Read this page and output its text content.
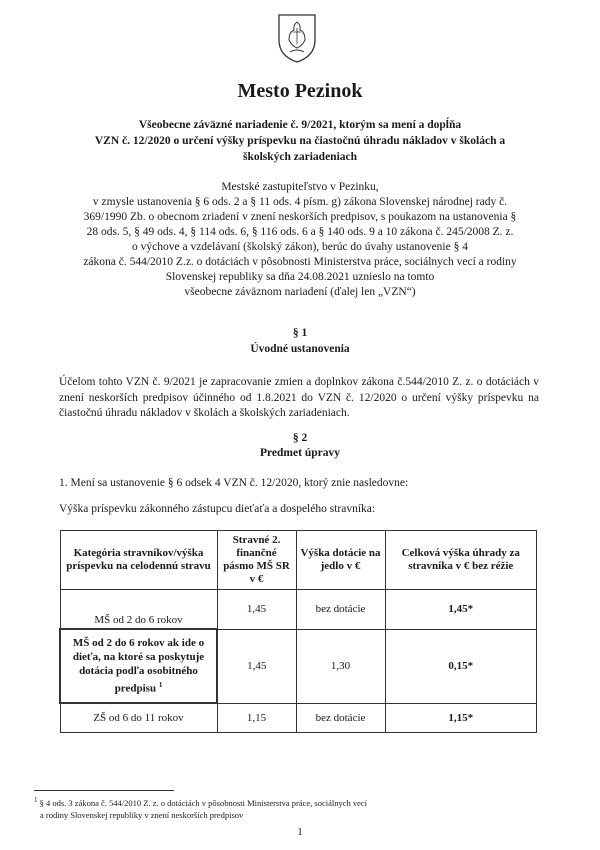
Mesto Pezinok
Všeobecne záväzné nariadenie č. 9/2021, ktorým sa mení a dopĺňa
VZN č. 12/2020 o určení výšky príspevku na čiastočnú úhradu nákladov v školách a
školských zariadeniach
Mestské zastupiteľstvo v Pezinku,
v zmysle ustanovenia § 6 ods. 2 a § 11 ods. 4 písm. g) zákona Slovenskej národnej rady č.
369/1990 Zb. o obecnom zriadení v znení neskorších predpisov, s poukazom na ustanovenia §
28 ods. 5, § 49 ods. 4, § 114 ods. 6, § 116 ods. 6 a § 140 ods. 9 a 10 zákona č. 245/2008 Z. z.
o výchove a vzdelávaní (školský zákon), berúc do úvahy ustanovenie § 4
zákona č. 544/2010 Z.z. o dotáciách v pôsobnosti Ministerstva práce, sociálnych vecí a rodiny
Slovenskej republiky sa dňa 24.08.2021 uznieslo na tomto
všeobecne záväznom nariadení (ďalej len „VZN“)
§ 1
Úvodné ustanovenia
Účelom tohto VZN č. 9/2021 je zapracovanie zmien a doplnkov zákona č.544/2010 Z. z. o dotáciách v znení neskorších predpisov účinného od 1.8.2021 do VZN č. 12/2020 o určení výšky príspevku na čiastočnú úhradu nákladov v školách a školských zariadeniach.
§ 2
Predmet úpravy
1. Mení sa ustanovenie § 6 odsek 4 VZN č. 12/2020, ktorý znie nasledovne:
Výška príspevku zákonného zástupcu dieťaťa a dospelého stravníka:
Kategória stravníkov/výška príspevku na celodennú stravu	Stravné 2. finančné pásmo MŠ SR v €	Výška dotácie na jedlo v €	Celková výška úhrady za stravníka v € bez réžie
MŠ od 2 do 6 rokov	1,45	bez dotácie	1,45*
MŠ od 2 do 6 rokov ak ide o dieťa, na ktoré sa poskytuje dotácia podľa osobitného predpisu $^1$	1,45	1,30	0,15*
ZŠ od 6 do 11 rokov	1,15	bez dotácie	1,15*
$^1$ § 4 ods. 3 zákona č. 544/2010 Z. z. o dotáciách v pôsobnosti Ministerstva práce, sociálnych vecí
a rodiny Slovenskej republiky v znení neskorších predpisov
1
